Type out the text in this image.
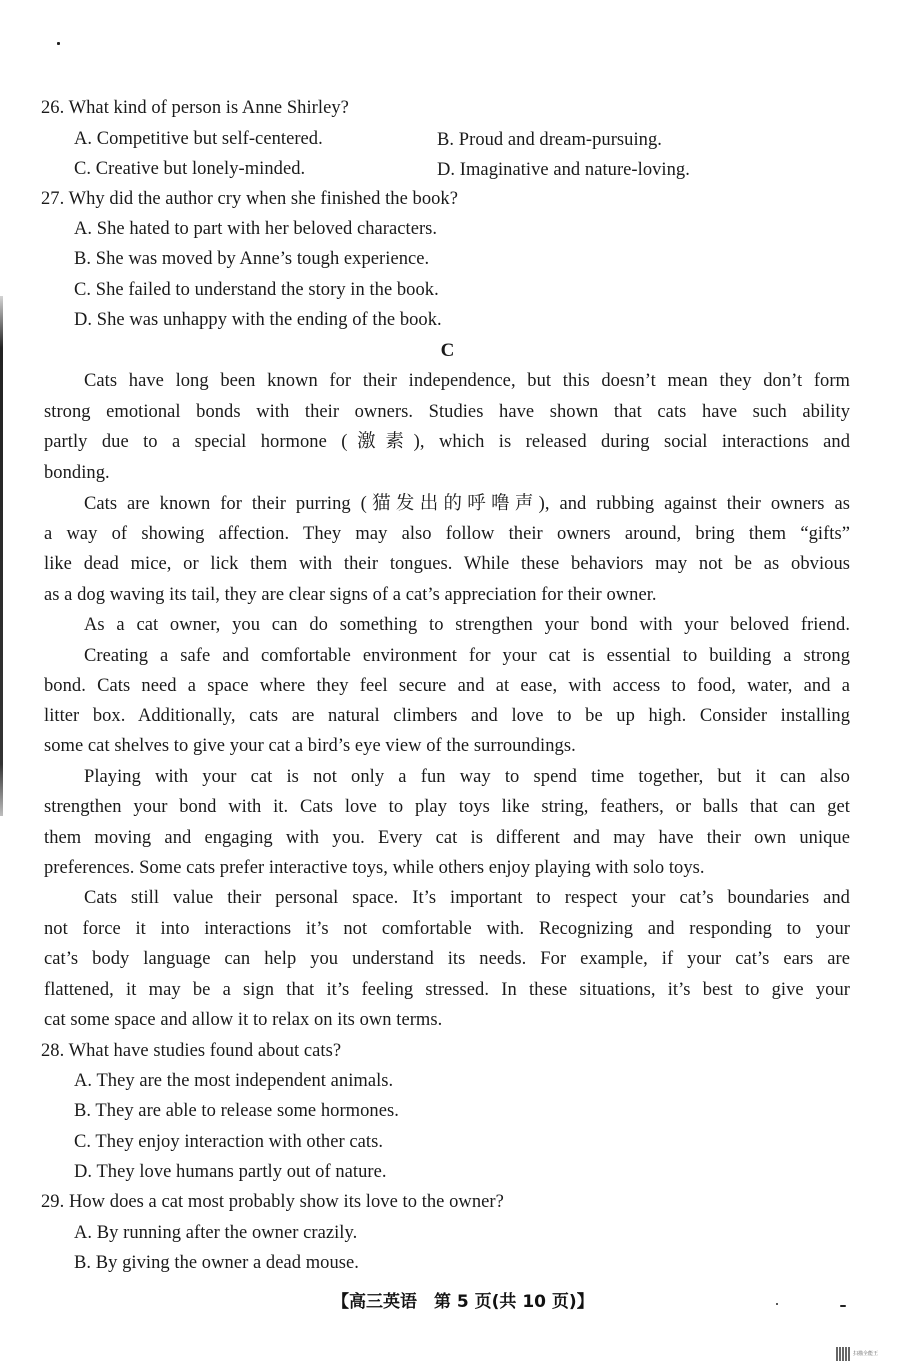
26. What kind of person is Anne Shirley?
A. Competitive but self-centered.	B. Proud and dream-pursuing.
C. Creative but lonely-minded.	D. Imaginative and nature-loving.
27. Why did the author cry when she finished the book?
A. She hated to part with her beloved characters.
B. She was moved by Anne’s tough experience.
C. She failed to understand the story in the book.
D. She was unhappy with the ending of the book.
C
Cats have long been known for their independence, but this doesn’t mean they don’t form
strong emotional bonds with their owners. Studies have shown that cats have such ability
partly due to a special hormone (激素), which is released during social interactions and
bonding.
Cats are known for their purring (猫发出的呼噜声), and rubbing against their owners as
a way of showing affection. They may also follow their owners around, bring them “gifts”
like dead mice, or lick them with their tongues. While these behaviors may not be as obvious
as a dog waving its tail, they are clear signs of a cat’s appreciation for their owner.
As a cat owner, you can do something to strengthen your bond with your beloved friend.
Creating a safe and comfortable environment for your cat is essential to building a strong
bond. Cats need a space where they feel secure and at ease, with access to food, water, and a
litter box. Additionally, cats are natural climbers and love to be up high. Consider installing
some cat shelves to give your cat a bird’s eye view of the surroundings.
Playing with your cat is not only a fun way to spend time together, but it can also
strengthen your bond with it. Cats love to play toys like string, feathers, or balls that can get
them moving and engaging with you. Every cat is different and may have their own unique
preferences. Some cats prefer interactive toys, while others enjoy playing with solo toys.
Cats still value their personal space. It’s important to respect your cat’s boundaries and
not force it into interactions it’s not comfortable with. Recognizing and responding to your
cat’s body language can help you understand its needs. For example, if your cat’s ears are
flattened, it may be a sign that it’s feeling stressed. In these situations, it’s best to give your
cat some space and allow it to relax on its own terms.
28. What have studies found about cats?
A. They are the most independent animals.
B. They are able to release some hormones.
C. They enjoy interaction with other cats.
D. They love humans partly out of nature.
29. How does a cat most probably show its love to the owner?
A. By running after the owner crazily.
B. By giving the owner a dead mouse.
【高三英语　第 5 页(共 10 页)】
扫描全能王
